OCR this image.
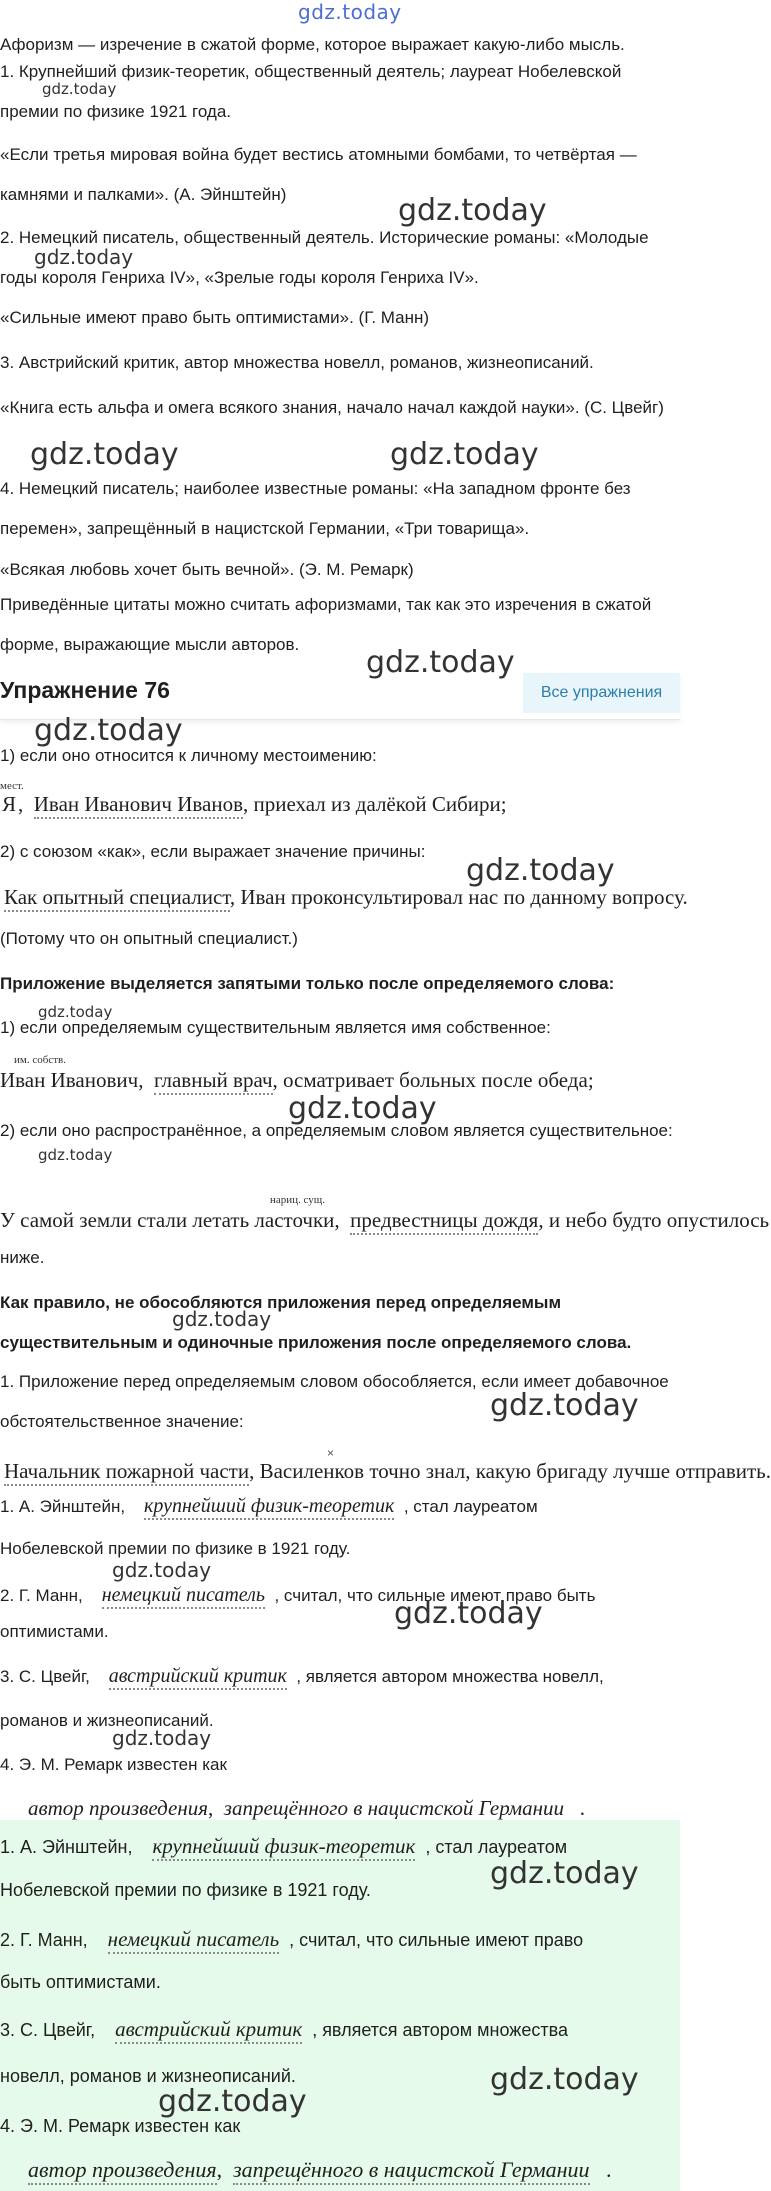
gdz.today
Афоризм — изречение в сжатой форме, которое выражает какую-либо мысль.
1. Крупнейший физик-теоретик, общественный деятель; лауреат Нобелевской премии по физике 1921 года.
«Если третья мировая война будет вестись атомными бомбами, то четвёртая — камнями и палками». (А. Эйнштейн)
2. Немецкий писатель, общественный деятель. Исторические романы: «Молодые годы короля Генриха IV», «Зрелые годы короля Генриха IV».
«Сильные имеют право быть оптимистами». (Г. Манн)
3. Австрийский критик, автор множества новелл, романов, жизнеописаний.
«Книга есть альфа и омега всякого знания, начало начал каждой науки». (С. Цвейг)
4. Немецкий писатель; наиболее известные романы: «На западном фронте без перемен», запрещённый в нацистской Германии, «Три товарища».
«Всякая любовь хочет быть вечной». (Э. М. Ремарк)
Приведённые цитаты можно считать афоризмами, так как это изречения в сжатой форме, выражающие мысли авторов.
Упражнение 76	Все упражнения
1) если оно относится к личному местоимению:
мест.
Я, Иван Иванович Иванов, приехал из далёкой Сибири;
2) с союзом «как», если выражает значение причины:
Как опытный специалист, Иван проконсультировал нас по данному вопросу.
(Потому что он опытный специалист.)
Приложение выделяется запятыми только после определяемого слова:
1) если определяемым существительным является имя собственное:
им. собств.
Иван Иванович,  главный врач, осматривает больных после обеда;
2) если оно распространённое, а определяемым словом является существительное:
нариц. сущ.
У самой земли стали летать ласточки,  предвестницы дождя, и небо будто опустилось
ниже.
Как правило, не обособляются приложения перед определяемым существительным и одиночные приложения после определяемого слова.
1. Приложение перед определяемым словом обособляется, если имеет добавочное обстоятельственное значение:
×
Начальник пожарной части, Василенков точно знал, какую бригаду лучше отправить.
1. А. Эйнштейн, крупнейший физик-теоретик , стал лауреатом
Нобелевской премии по физике в 1921 году.
2. Г. Манн, немецкий писатель , считал, что сильные имеют право быть
оптимистами.
3. С. Цвейг, австрийский критик , является автором множества новелл,
романов и жизнеописаний.
4. Э. М. Ремарк известен как
автор произведения, запрещённого в нацистской Германии .
1. А. Эйнштейн, крупнейший физик-теоретик , стал лауреатом
Нобелевской премии по физике в 1921 году.
2. Г. Манн, немецкий писатель , считал, что сильные имеют право
быть оптимистами.
3. С. Цвейг, австрийский критик , является автором множества
новелл, романов и жизнеописаний.
4. Э. М. Ремарк известен как
автор произведения, запрещённого в нацистской Германии .
gdz.today
gdz.today
gdz.today
gdz.today	gdz.today
gdz.today
gdz.today
gdz.today
gdz.today
gdz.today
gdz.today
gdz.today
gdz.today
gdz.today
gdz.today
gdz.today
gdz.today
gdz.today
gdz.today
